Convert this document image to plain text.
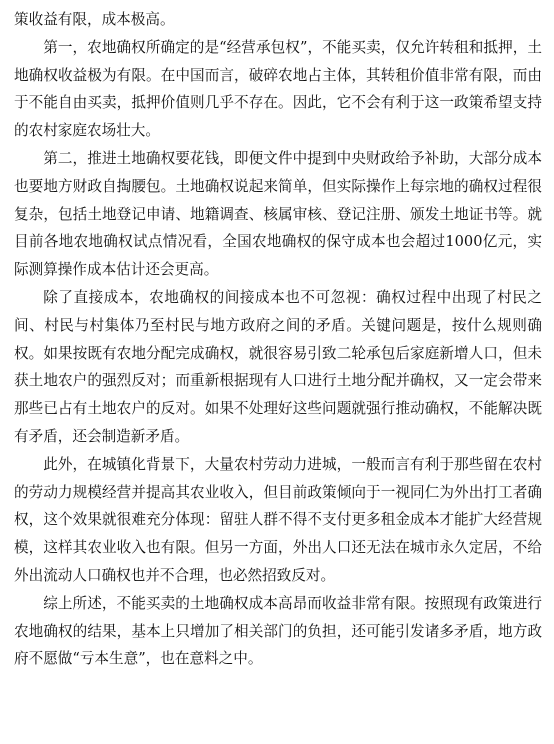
策收益有限，成本极高。

第一，农地确权所确定的是“经营承包权”，不能买卖，仅允许转租和抵押，土地确权收益极为有限。在中国而言，破碎农地占主体，其转租价值非常有限，而由于不能自由买卖，抵押价值则几乎不存在。因此，它不会有利于这一政策希望支持的农村家庭农场壮大。

第二，推进土地确权要花钱，即便文件中提到中央财政给予补助，大部分成本也要地方财政自掏腰包。土地确权说起来简单，但实际操作上每宗地的确权过程很复杂，包括土地登记申请、地籍调查、核属审核、登记注册、颁发土地证书等。就目前各地农地确权试点情况看，全国农地确权的保守成本也会超过1000亿元，实际测算操作成本估计还会更高。

除了直接成本，农地确权的间接成本也不可忽视：确权过程中出现了村民之间、村民与村集体乃至村民与地方政府之间的矛盾。关键问题是，按什么规则确权。如果按既有农地分配完成确权，就很容易引致二轮承包后家庭新增人口，但未获土地农户的强烈反对；而重新根据现有人口进行土地分配并确权，又一定会带来那些已占有土地农户的反对。如果不处理好这些问题就强行推动确权，不能解决既有矛盾，还会制造新矛盾。

此外，在城镇化背景下，大量农村劳动力进城，一般而言有利于那些留在农村的劳动力规模经营并提高其农业收入，但目前政策倾向于一视同仁为外出打工者确权，这个效果就很难充分体现：留驻人群不得不支付更多租金成本才能扩大经营规模，这样其农业收入也有限。但另一方面，外出人口还无法在城市永久定居，不给外出流动人口确权也并不合理，也必然招致反对。

综上所述，不能买卖的土地确权成本高昂而收益非常有限。按照现有政策进行农地确权的结果，基本上只增加了相关部门的负担，还可能引发诸多矛盾，地方政府不愿做“亏本生意”，也在意料之中。
